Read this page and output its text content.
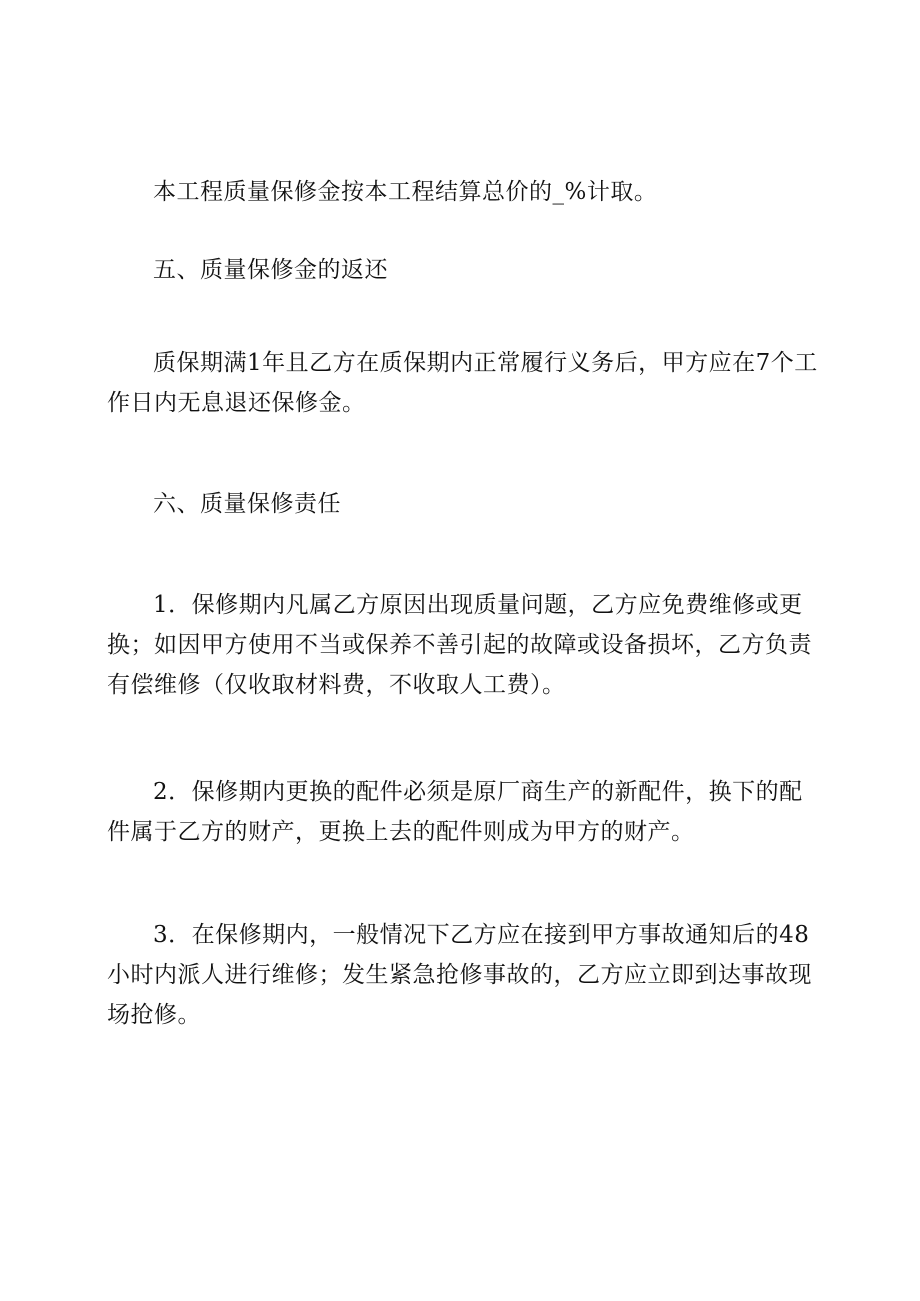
本工程质量保修金按本工程结算总价的_%计取。

五、质量保修金的返还

质保期满1年且乙方在质保期内正常履行义务后，甲方应在7个工作日内无息退还保修金。

六、质量保修责任

1．保修期内凡属乙方原因出现质量问题，乙方应免费维修或更换；如因甲方使用不当或保养不善引起的故障或设备损坏，乙方负责有偿维修（仅收取材料费，不收取人工费）。

2．保修期内更换的配件必须是原厂商生产的新配件，换下的配件属于乙方的财产，更换上去的配件则成为甲方的财产。

3．在保修期内，一般情况下乙方应在接到甲方事故通知后的48小时内派人进行维修；发生紧急抢修事故的，乙方应立即到达事故现场抢修。
